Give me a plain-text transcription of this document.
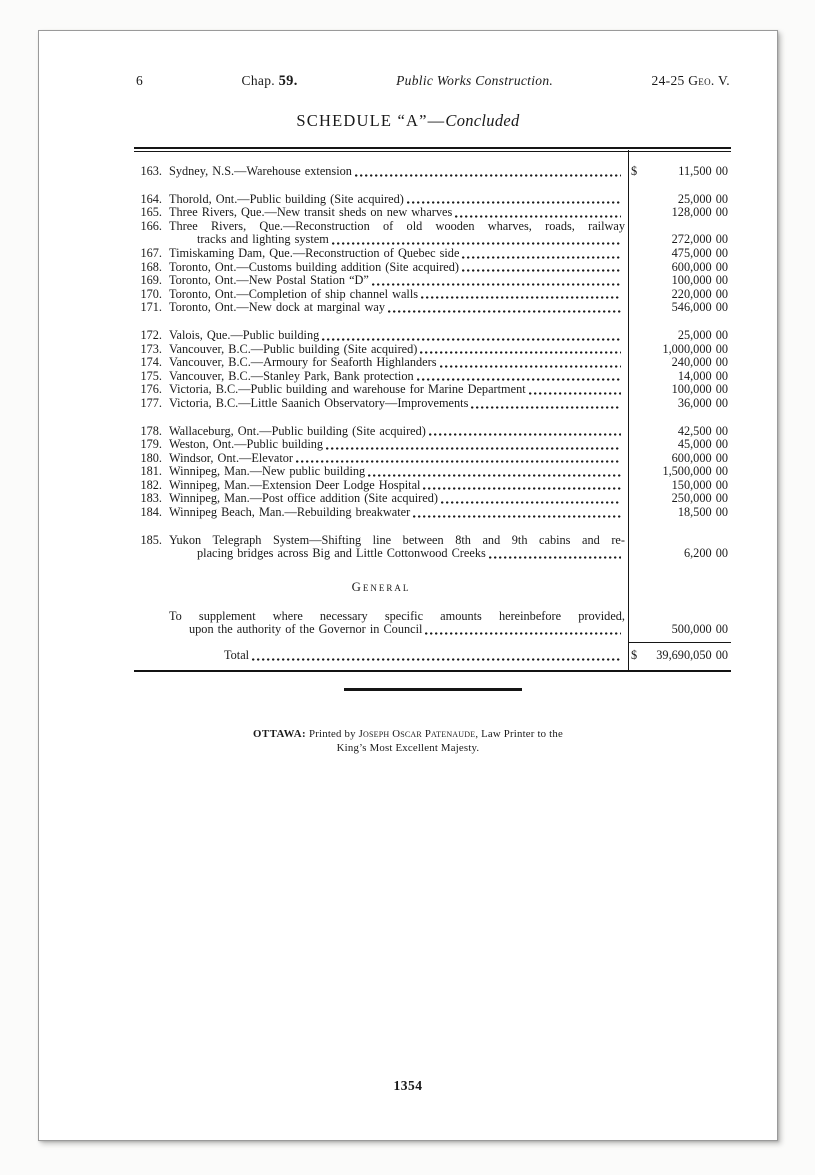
6	Chap. 59.	Public Works Construction.	24-25 Geo. V.
SCHEDULE “A”—Concluded
163. Sydney, N.S.—Warehouse extension	$	11,500 00
164. Thorold, Ont.—Public building (Site acquired)	25,000 00
165. Three Rivers, Que.—New transit sheds on new wharves	128,000 00
166. Three Rivers, Que.—Reconstruction of old wooden wharves, roads, railway
tracks and lighting system	272,000 00
167. Timiskaming Dam, Que.—Reconstruction of Quebec side	475,000 00
168. Toronto, Ont.—Customs building addition (Site acquired)	600,000 00
169. Toronto, Ont.—New Postal Station “D”	100,000 00
170. Toronto, Ont.—Completion of ship channel walls	220,000 00
171. Toronto, Ont.—New dock at marginal way	546,000 00
172. Valois, Que.—Public building	25,000 00
173. Vancouver, B.C.—Public building (Site acquired)	1,000,000 00
174. Vancouver, B.C.—Armoury for Seaforth Highlanders	240,000 00
175. Vancouver, B.C.—Stanley Park, Bank protection	14,000 00
176. Victoria, B.C.—Public building and warehouse for Marine Department	100,000 00
177. Victoria, B.C.—Little Saanich Observatory—Improvements	36,000 00
178. Wallaceburg, Ont.—Public building (Site acquired)	42,500 00
179. Weston, Ont.—Public building	45,000 00
180. Windsor, Ont.—Elevator	600,000 00
181. Winnipeg, Man.—New public building	1,500,000 00
182. Winnipeg, Man.—Extension Deer Lodge Hospital	150,000 00
183. Winnipeg, Man.—Post office addition (Site acquired)	250,000 00
184. Winnipeg Beach, Man.—Rebuilding breakwater	18,500 00
185. Yukon Telegraph System—Shifting line between 8th and 9th cabins and re-
placing bridges across Big and Little Cottonwood Creeks	6,200 00
General
To supplement where necessary specific amounts hereinbefore provided,
upon the authority of the Governor in Council	500,000 00
Total	$	39,690,050 00
OTTAWA: Printed by Joseph Oscar Patenaude, Law Printer to the
King’s Most Excellent Majesty.
1354
